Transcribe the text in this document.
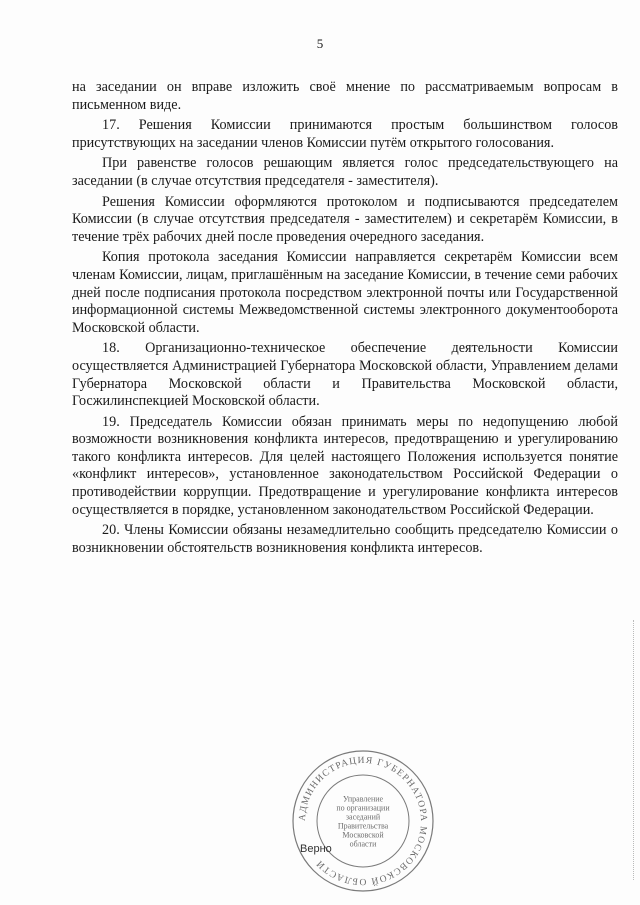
5

на заседании он вправе изложить своё мнение по рассматриваемым вопросам в письменном виде.

17. Решения Комиссии принимаются простым большинством голосов присутствующих на заседании членов Комиссии путём открытого голосования.

При равенстве голосов решающим является голос председательствующего на заседании (в случае отсутствия председателя - заместителя).

Решения Комиссии оформляются протоколом и подписываются председателем Комиссии (в случае отсутствия председателя - заместителем) и секретарём Комиссии, в течение трёх рабочих дней после проведения очередного заседания.

Копия протокола заседания Комиссии направляется секретарём Комиссии всем членам Комиссии, лицам, приглашённым на заседание Комиссии, в течение семи рабочих дней после подписания протокола посредством электронной почты или Государственной информационной системы Межведомственной системы электронного документооборота Московской области.

18. Организационно-техническое обеспечение деятельности Комиссии осуществляется Администрацией Губернатора Московской области, Управлением делами Губернатора Московской области и Правительства Московской области, Госжилинспекцией Московской области.

19. Председатель Комиссии обязан принимать меры по недопущению любой возможности возникновения конфликта интересов, предотвращению и урегулированию такого конфликта интересов. Для целей настоящего Положения используется понятие «конфликт интересов», установленное законодательством Российской Федерации о противодействии коррупции. Предотвращение и урегулирование конфликта интересов осуществляется в порядке, установленном законодательством Российской Федерации.

20. Члены Комиссии обязаны незамедлительно сообщить председателю Комиссии о возникновении обстоятельств возникновения конфликта интересов.

АДМИНИСТРАЦИЯ ГУБЕРНАТОРА МОСКОВСКОЙ ОБЛАСТИ
Управление
по организации
заседаний
Правительства
Московской
области
Верно
